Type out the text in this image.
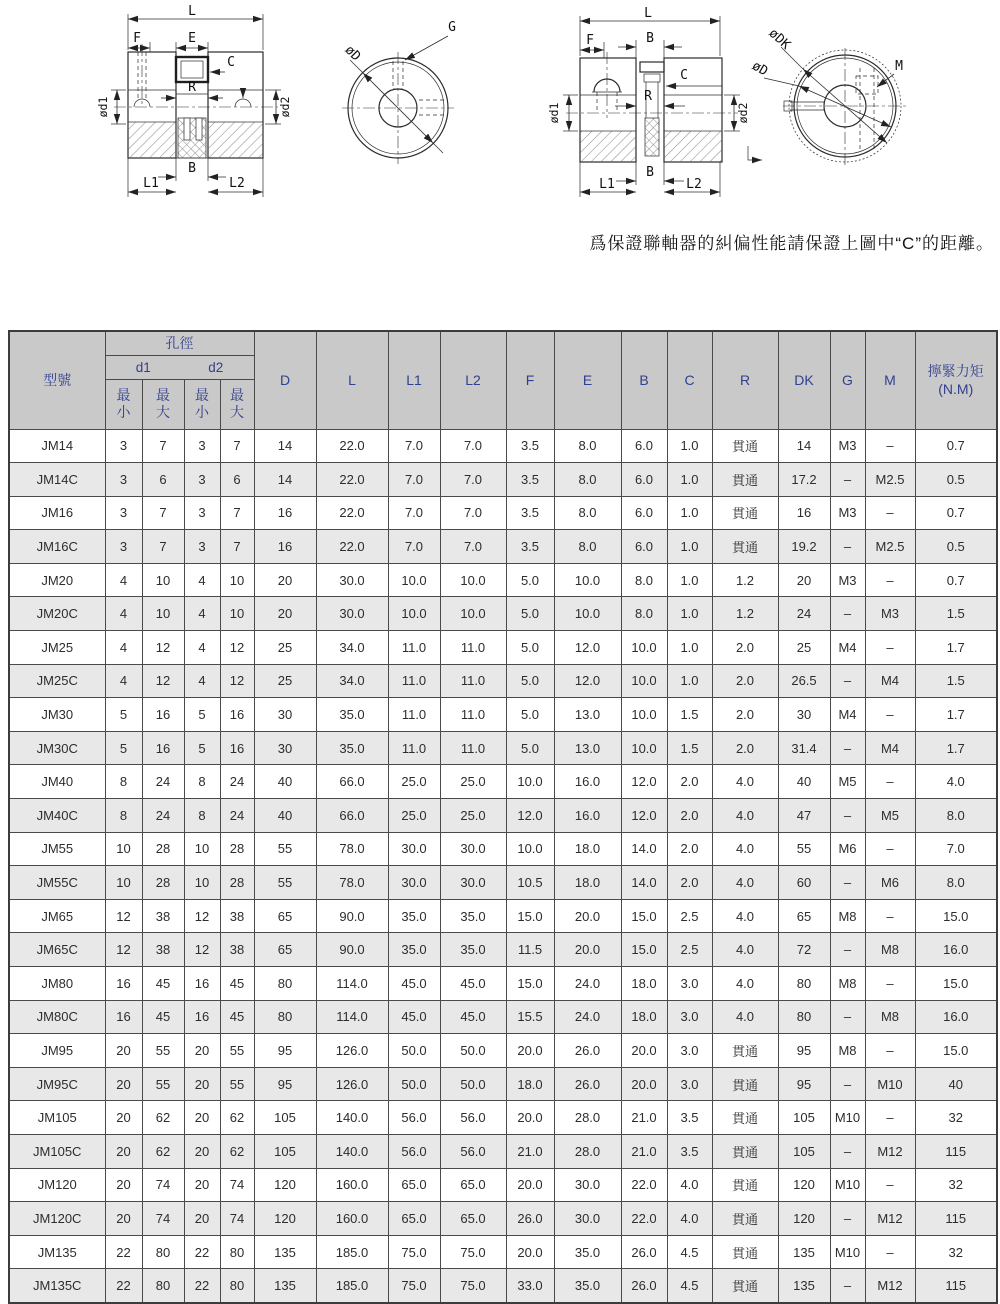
L
F	E
C
R
ød1	ød2
B
L1	L2
G
øD
L
F	B
C
R
ød1	ød2
B
L1	L2
M
øDK
øD
爲保證聯軸器的糾偏性能請保證上圖中“C”的距離。
型號	孔徑				D	L	L1	L2	F	E	B	C	R	DK	G	M	擰緊力矩
(N.M)
	d1 d2																
	最小	最大	最小	最大													
JM14	3	7	3	7	14	22.0	7.0	7.0	3.5	8.0	6.0	1.0	貫通	14	M3	–	0.7
JM14C	3	6	3	6	14	22.0	7.0	7.0	3.5	8.0	6.0	1.0	貫通	17.2	–	M2.5	0.5
JM16	3	7	3	7	16	22.0	7.0	7.0	3.5	8.0	6.0	1.0	貫通	16	M3	–	0.7
JM16C	3	7	3	7	16	22.0	7.0	7.0	3.5	8.0	6.0	1.0	貫通	19.2	–	M2.5	0.5
JM20	4	10	4	10	20	30.0	10.0	10.0	5.0	10.0	8.0	1.0	1.2	20	M3	–	0.7
JM20C	4	10	4	10	20	30.0	10.0	10.0	5.0	10.0	8.0	1.0	1.2	24	–	M3	1.5
JM25	4	12	4	12	25	34.0	11.0	11.0	5.0	12.0	10.0	1.0	2.0	25	M4	–	1.7
JM25C	4	12	4	12	25	34.0	11.0	11.0	5.0	12.0	10.0	1.0	2.0	26.5	–	M4	1.5
JM30	5	16	5	16	30	35.0	11.0	11.0	5.0	13.0	10.0	1.5	2.0	30	M4	–	1.7
JM30C	5	16	5	16	30	35.0	11.0	11.0	5.0	13.0	10.0	1.5	2.0	31.4	–	M4	1.7
JM40	8	24	8	24	40	66.0	25.0	25.0	10.0	16.0	12.0	2.0	4.0	40	M5	–	4.0
JM40C	8	24	8	24	40	66.0	25.0	25.0	12.0	16.0	12.0	2.0	4.0	47	–	M5	8.0
JM55	10	28	10	28	55	78.0	30.0	30.0	10.0	18.0	14.0	2.0	4.0	55	M6	–	7.0
JM55C	10	28	10	28	55	78.0	30.0	30.0	10.5	18.0	14.0	2.0	4.0	60	–	M6	8.0
JM65	12	38	12	38	65	90.0	35.0	35.0	15.0	20.0	15.0	2.5	4.0	65	M8	–	15.0
JM65C	12	38	12	38	65	90.0	35.0	35.0	11.5	20.0	15.0	2.5	4.0	72	–	M8	16.0
JM80	16	45	16	45	80	114.0	45.0	45.0	15.0	24.0	18.0	3.0	4.0	80	M8	–	15.0
JM80C	16	45	16	45	80	114.0	45.0	45.0	15.5	24.0	18.0	3.0	4.0	80	–	M8	16.0
JM95	20	55	20	55	95	126.0	50.0	50.0	20.0	26.0	20.0	3.0	貫通	95	M8	–	15.0
JM95C	20	55	20	55	95	126.0	50.0	50.0	18.0	26.0	20.0	3.0	貫通	95	–	M10	40
JM105	20	62	20	62	105	140.0	56.0	56.0	20.0	28.0	21.0	3.5	貫通	105	M10	–	32
JM105C	20	62	20	62	105	140.0	56.0	56.0	21.0	28.0	21.0	3.5	貫通	105	–	M12	115
JM120	20	74	20	74	120	160.0	65.0	65.0	20.0	30.0	22.0	4.0	貫通	120	M10	–	32
JM120C	20	74	20	74	120	160.0	65.0	65.0	26.0	30.0	22.0	4.0	貫通	120	–	M12	115
JM135	22	80	22	80	135	185.0	75.0	75.0	20.0	35.0	26.0	4.5	貫通	135	M10	–	32
JM135C	22	80	22	80	135	185.0	75.0	75.0	33.0	35.0	26.0	4.5	貫通	135	–	M12	115
